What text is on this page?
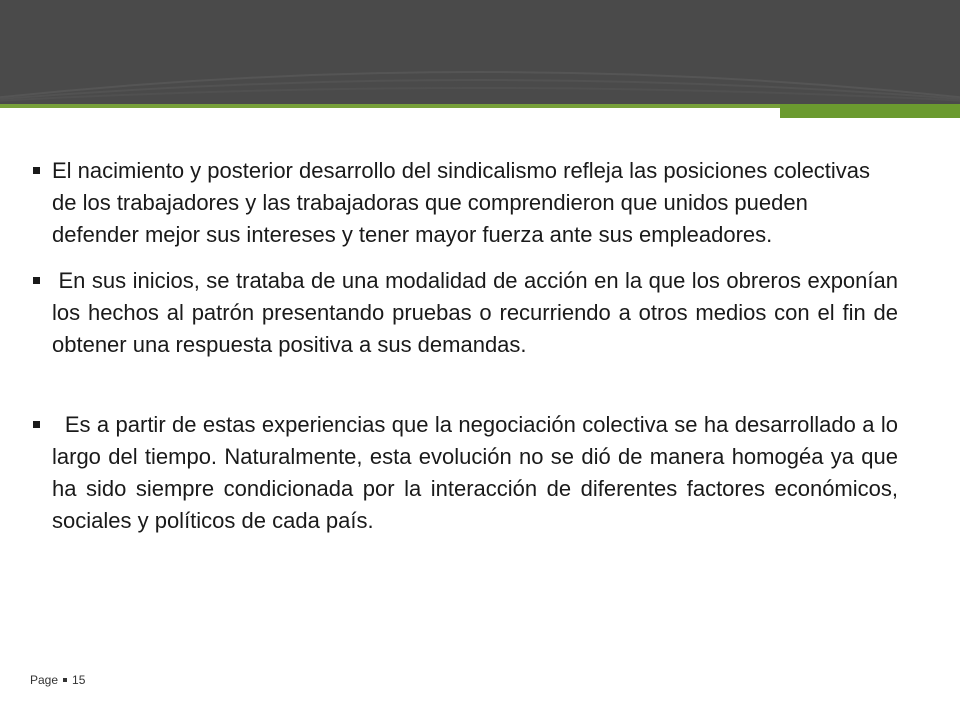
El nacimiento y posterior desarrollo del sindicalismo refleja las posiciones colectivas de los trabajadores y las trabajadoras que comprendieron que unidos pueden defender mejor sus intereses y tener mayor fuerza ante sus empleadores.
En sus inicios, se trataba de una modalidad de acción en la que los obreros exponían los hechos al patrón presentando pruebas o recurriendo a otros medios con el fin de obtener una respuesta positiva a sus demandas.
Es a partir de estas experiencias que la negociación colectiva se ha desarrollado a lo largo del tiempo. Naturalmente, esta evolución no se dió de manera homogéa ya que ha sido siempre condicionada por la interacción de diferentes factores económicos, sociales y políticos de cada país.
Page 15
